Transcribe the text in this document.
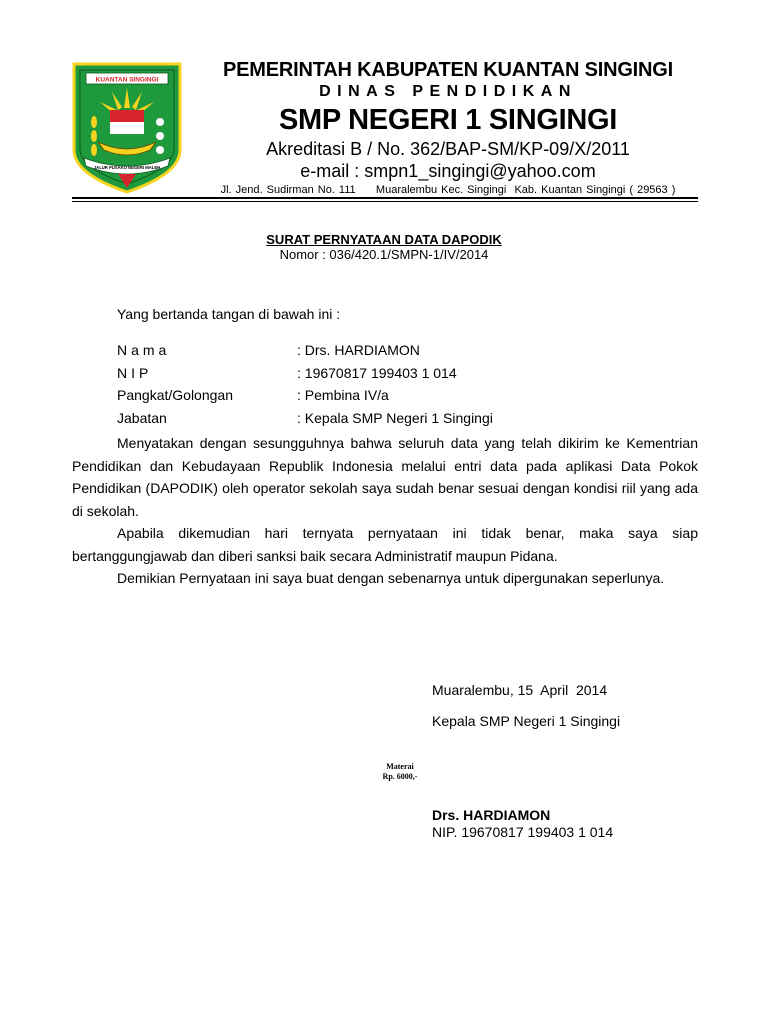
KUANTAN SINGINGI
JALUR PUSAKO NEGERI MALEH
PEMERINTAH KABUPATEN KUANTAN SINGINGI
DINAS PENDIDIKAN
SMP NEGERI 1 SINGINGI
Akreditasi B / No. 362/BAP-SM/KP-09/X/2011
e-mail : smpn1_singingi@yahoo.com
Jl. Jend. Sudirman No. 111     Muaralembu Kec. Singingi  Kab. Kuantan Singingi ( 29563 )
SURAT PERNYATAAN DATA DAPODIK
Nomor : 036/420.1/SMPN-1/IV/2014
Yang bertanda tangan di bawah ini :
Nama	: Drs. HARDIAMON
NIP	: 19670817 199403 1 014
Pangkat/Golongan	: Pembina IV/a
Jabatan	: Kepala SMP Negeri 1 Singingi

Menyatakan dengan sesungguhnya bahwa seluruh data yang telah dikirim ke Kementrian Pendidikan dan Kebudayaan Republik Indonesia melalui entri data pada aplikasi Data Pokok Pendidikan (DAPODIK) oleh operator sekolah saya sudah benar sesuai dengan kondisi riil yang ada di sekolah.

Apabila dikemudian hari ternyata pernyataan ini tidak benar, maka saya siap bertanggungjawab dan diberi sanksi baik secara Administratif maupun Pidana.

Demikian Pernyataan ini saya buat dengan sebenarnya untuk dipergunakan seperlunya.

Muaralembu, 15  April  2014
Kepala SMP Negeri 1 Singingi
Materai
Rp. 6000,-
Drs. HARDIAMON
NIP. 19670817 199403 1 014
